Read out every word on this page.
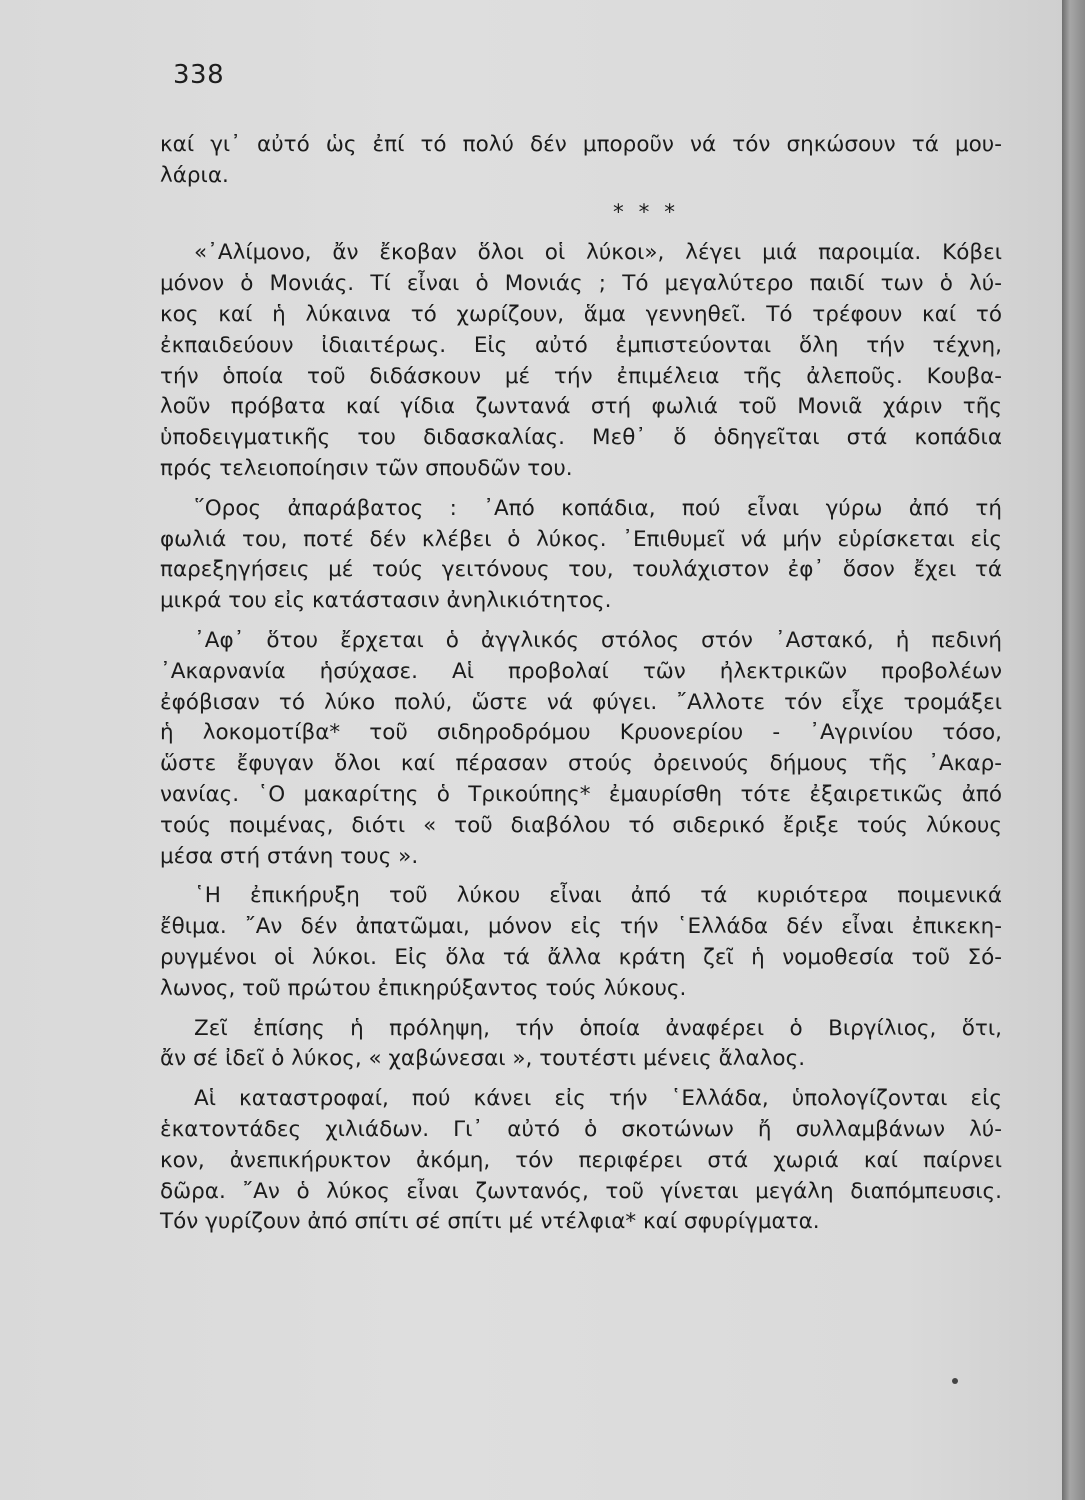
338
καί γι᾽ αὐτό ὡς ἐπί τό πολύ δέν μποροῦν νά τόν σηκώσουν τά μου-
λάρια.
* * *
«᾽Αλίμονο, ἄν ἔκοβαν ὅλοι οἱ λύκοι», λέγει μιά παροιμία. Κόβει
μόνον ὁ Μονιάς. Τί εἶναι ὁ Μονιάς ; Τό μεγαλύτερο παιδί των ὁ λύ-
κος καί ἡ λύκαινα τό χωρίζουν, ἅμα γεννηθεῖ. Τό τρέφουν καί τό
ἐκπαιδεύουν ἰδιαιτέρως. Εἰς αὐτό ἐμπιστεύονται ὅλη τήν τέχνη,
τήν ὁποία τοῦ διδάσκουν μέ τήν ἐπιμέλεια τῆς ἀλεποῦς. Κουβα-
λοῦν πρόβατα καί γίδια ζωντανά στή φωλιά τοῦ Μονιᾶ χάριν τῆς
ὑποδειγματικῆς του διδασκαλίας. Μεθ᾽ ὅ ὁδηγεῖται στά κοπάδια
πρός τελειοποίησιν τῶν σπουδῶν του.
῞Ορος ἀπαράβατος : ᾽Από κοπάδια, πού εἶναι γύρω ἀπό τή
φωλιά του, ποτέ δέν κλέβει ὁ λύκος. ᾽Επιθυμεῖ νά μήν εὑρίσκεται εἰς
παρεξηγήσεις μέ τούς γειτόνους του, τουλάχιστον ἐφ᾽ ὅσον ἔχει τά
μικρά του εἰς κατάστασιν ἀνηλικιότητος.
᾽Αφ᾽ ὅτου ἔρχεται ὁ ἀγγλικός στόλος στόν ᾽Αστακό, ἡ πεδινή
᾽Ακαρνανία ἡσύχασε. Αἱ προβολαί τῶν ἠλεκτρικῶν προβολέων
ἐφόβισαν τό λύκο πολύ, ὥστε νά φύγει. ῎Αλλοτε τόν εἶχε τρομάξει
ἡ λοκομοτίβα* τοῦ σιδηροδρόμου Κρυονερίου - ᾽Αγρινίου τόσο,
ὥστε ἔφυγαν ὅλοι καί πέρασαν στούς ὀρεινούς δήμους τῆς ᾽Ακαρ-
νανίας. ῾Ο μακαρίτης ὁ Τρικούπης* ἐμαυρίσθη τότε ἐξαιρετικῶς ἀπό
τούς ποιμένας, διότι « τοῦ διαβόλου τό σιδερικό ἔριξε τούς λύκους
μέσα στή στάνη τους ».
῾Η ἐπικήρυξη τοῦ λύκου εἶναι ἀπό τά κυριότερα ποιμενικά
ἔθιμα. ῎Αν δέν ἀπατῶμαι, μόνον εἰς τήν ῾Ελλάδα δέν εἶναι ἐπικεκη-
ρυγμένοι οἱ λύκοι. Εἰς ὅλα τά ἄλλα κράτη ζεῖ ἡ νομοθεσία τοῦ Σό-
λωνος, τοῦ πρώτου ἐπικηρύξαντος τούς λύκους.
Ζεῖ ἐπίσης ἡ πρόληψη, τήν ὁποία ἀναφέρει ὁ Βιργίλιος, ὅτι,
ἄν σέ ἰδεῖ ὁ λύκος, « χαβώνεσαι », τουτέστι μένεις ἄλαλος.
Αἱ καταστροφαί, πού κάνει εἰς τήν ῾Ελλάδα, ὑπολογίζονται εἰς
ἑκατοντάδες χιλιάδων. Γι᾽ αὐτό ὁ σκοτώνων ἤ συλλαμβάνων λύ-
κον, ἀνεπικήρυκτον ἀκόμη, τόν περιφέρει στά χωριά καί παίρνει
δῶρα. ῎Αν ὁ λύκος εἶναι ζωντανός, τοῦ γίνεται μεγάλη διαπόμπευσις.
Τόν γυρίζουν ἀπό σπίτι σέ σπίτι μέ ντέλφια* καί σφυρίγματα.
